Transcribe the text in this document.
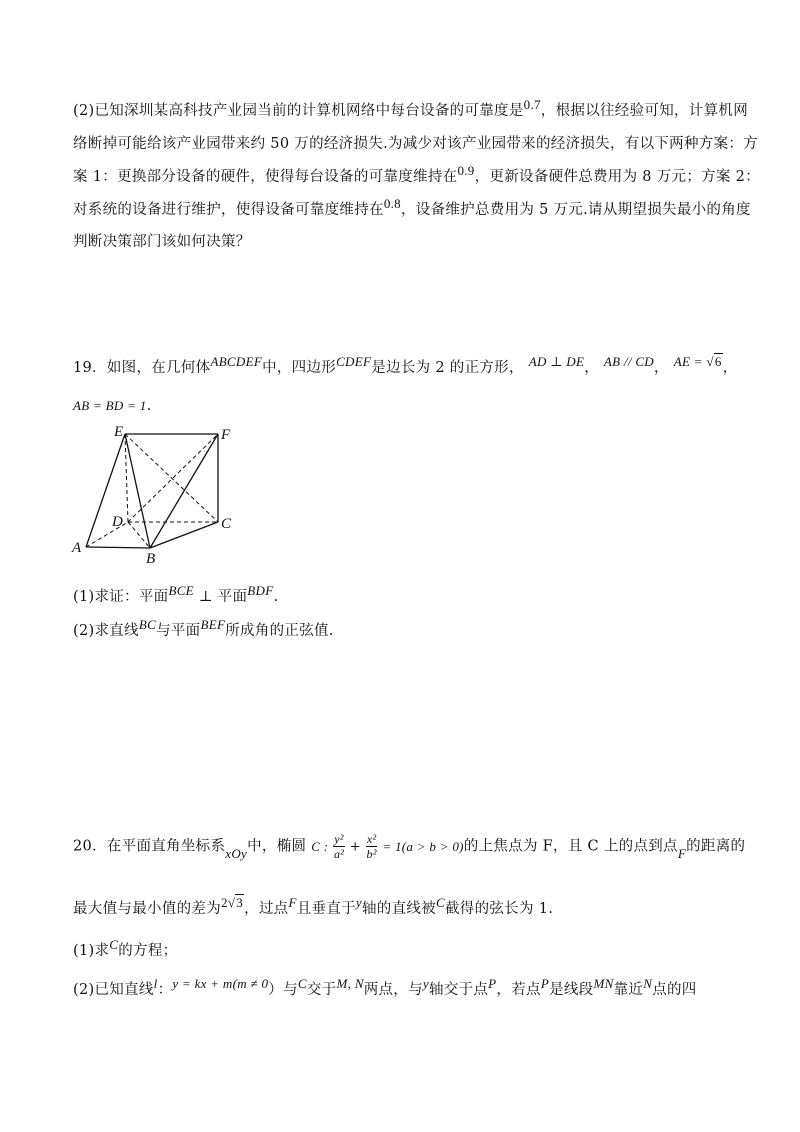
(2)已知深圳某高科技产业园当前的计算机网络中每台设备的可靠度是0.7，根据以往经验可知，计算机网
络断掉可能给该产业园带来约 50 万的经济损失.为减少对该产业园带来的经济损失，有以下两种方案：方
案 1：更换部分设备的硬件，使得每台设备的可靠度维持在0.9，更新设备硬件总费用为 8 万元；方案 2：
对系统的设备进行维护，使得设备可靠度维持在0.8，设备维护总费用为 5 万元.请从期望损失最小的角度
判断决策部门该如何决策？
19．如图，在几何体ABCDEF中，四边形CDEF是边长为 2 的正方形， AD ⊥ DE， AB // CD， AE = √6，
AB = BD = 1.
E	F
D	C
A
B
(1)求证：平面BCE ⊥ 平面BDF.
(2)求直线BC与平面BEF所成角的正弦值.
20．在平面直角坐标系xOy中，椭圆 C : $\frac{\text{y²}}{\text{a²}} + \frac{\text{x²}}{\text{b²}} = 1(a > b > 0)$的上焦点为 F，且 C 上的点到点F的距离的
最大值与最小值的差为2√3，过点F且垂直于y轴的直线被C截得的弦长为 1.
(1)求C的方程；
(2)已知直线l：y = kx + m(m ≠ 0）与C交于M, N两点，与y轴交于点P，若点P是线段MN靠近N点的四
